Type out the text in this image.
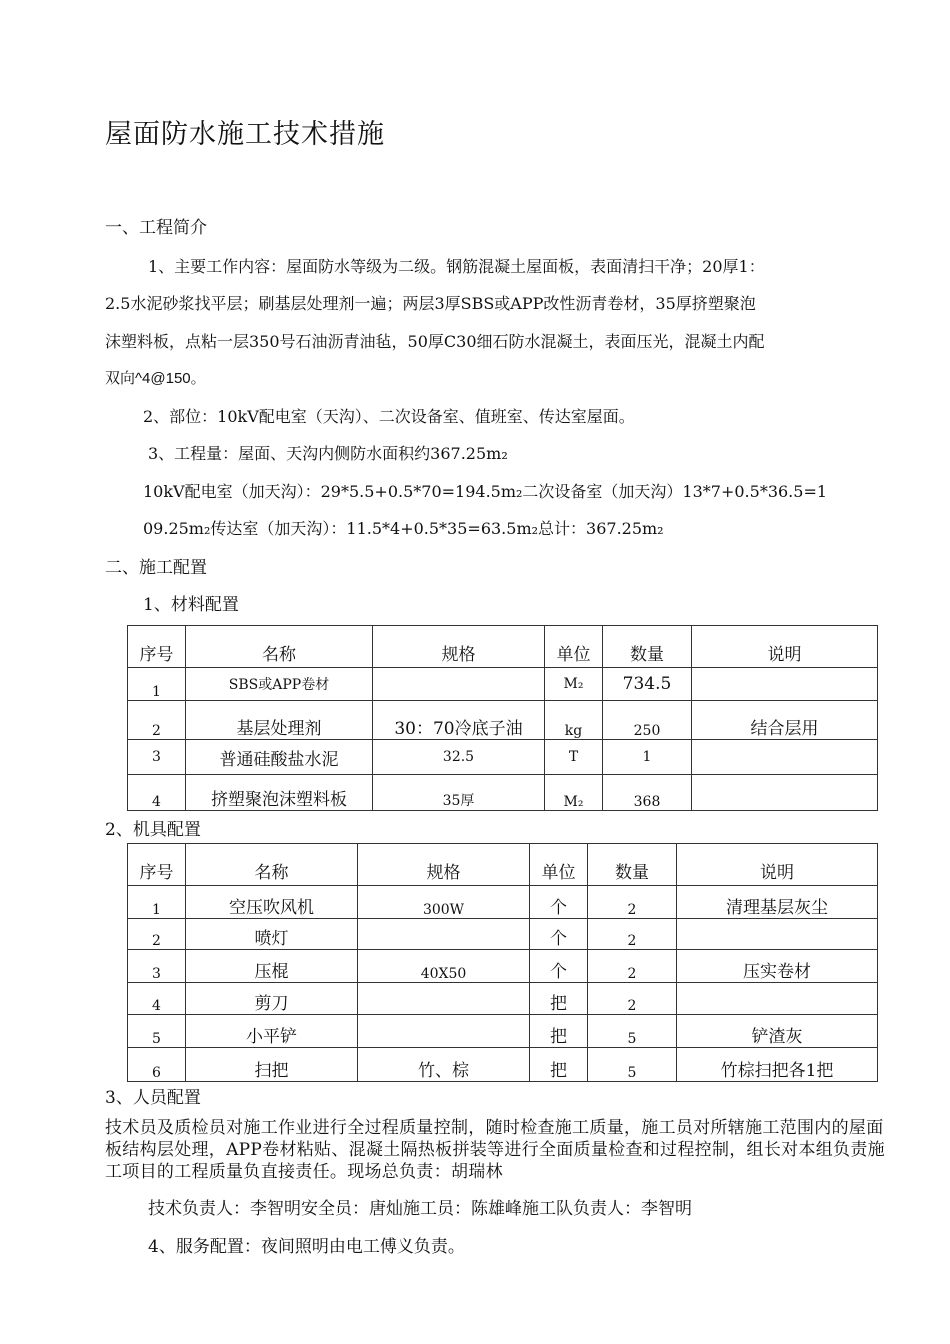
屋面防水施工技术措施
一、工程简介
1、主要工作内容：屋面防水等级为二级。钢筋混凝土屋面板，表面清扫干净；20厚1：
2.5水泥砂浆找平层；刷基层处理剂一遍；两层3厚SBS或APP改性沥青卷材，35厚挤塑聚泡
沫塑料板，点粘一层350号石油沥青油毡，50厚C30细石防水混凝土，表面压光，混凝土内配
双向^4@150。
2、部位：10kV配电室（天沟）、二次设备室、值班室、传达室屋面。
3、工程量：屋面、天沟内侧防水面积约367.25m₂
10kV配电室（加天沟）：29*5.5+0.5*70=194.5m₂二次设备室（加天沟）13*7+0.5*36.5=1
09.25m₂传达室（加天沟）：11.5*4+0.5*35=63.5m₂总计：367.25m₂
二、施工配置
1、材料配置
序号	名称	规格	单位	数量	说明
1	SBS或APP卷材		M₂	734.5	
2	基层处理剂	30：70冷底子油	kg	250	结合层用
3	普通硅酸盐水泥	32.5	T	1	
4	挤塑聚泡沫塑料板	35厚	M₂	368	
2、机具配置
序号	名称	规格	单位	数量	说明
1	空压吹风机	300W	个	2	清理基层灰尘
2	喷灯		个	2	
3	压棍	40X50	个	2	压实卷材
4	剪刀		把	2	
5	小平铲		把	5	铲渣灰
6	扫把	竹、棕	把	5	竹棕扫把各1把
3、人员配置
技术员及质检员对施工作业进行全过程质量控制，随时检查施工质量，施工员对所辖施工范围内的屋面板结构层处理，APP卷材粘贴、混凝土隔热板拼装等进行全面质量检查和过程控制，组长对本组负责施工项目的工程质量负直接责任。现场总负责：胡瑞林
技术负责人：李智明安全员：唐灿施工员：陈雄峰施工队负责人：李智明
4、服务配置：夜间照明由电工傅义负责。
